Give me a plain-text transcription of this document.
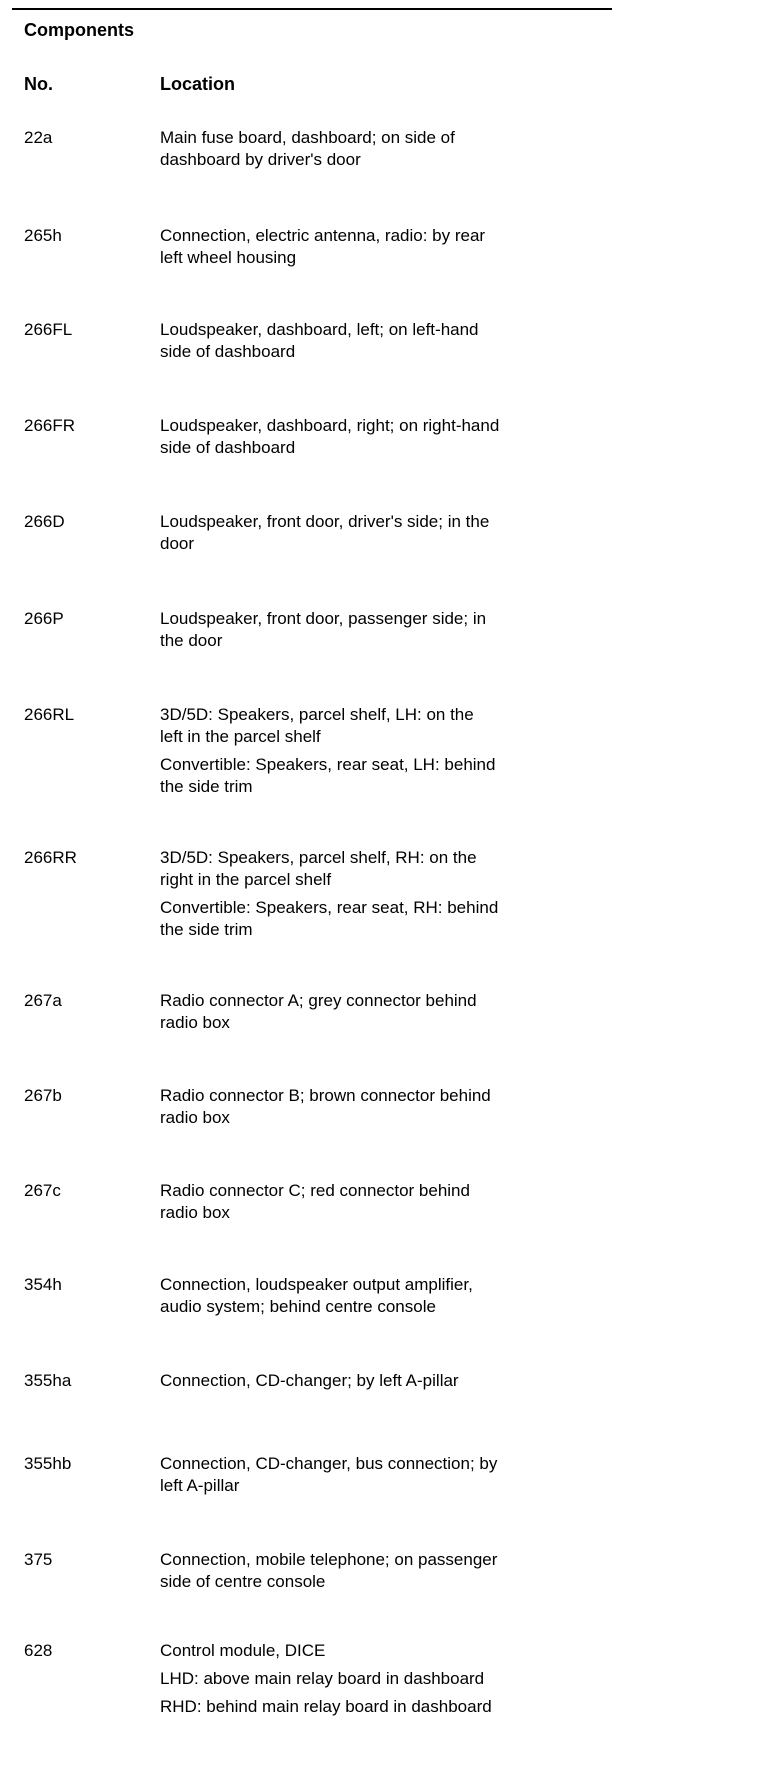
Components
No.	Location
22a	Main fuse board, dashboard; on side of
dashboard by driver's door
265h	Connection, electric antenna, radio: by rear
left wheel housing
266FL	Loudspeaker, dashboard, left; on left-hand
side of dashboard
266FR	Loudspeaker, dashboard, right; on right-hand
side of dashboard
266D	Loudspeaker, front door, driver's side; in the
door
266P	Loudspeaker, front door, passenger side; in
the door
266RL	3D/5D: Speakers, parcel shelf, LH: on the
left in the parcel shelf
Convertible: Speakers, rear seat, LH: behind
the side trim
266RR	3D/5D: Speakers, parcel shelf, RH: on the
right in the parcel shelf
Convertible: Speakers, rear seat, RH: behind
the side trim
267a	Radio connector A; grey connector behind
radio box
267b	Radio connector B; brown connector behind
radio box
267c	Radio connector C; red connector behind
radio box
354h	Connection, loudspeaker output amplifier,
audio system; behind centre console
355ha	Connection, CD-changer; by left A-pillar
355hb	Connection, CD-changer, bus connection; by
left A-pillar
375	Connection, mobile telephone; on passenger
side of centre console
628	Control module, DICE
LHD: above main relay board in dashboard
RHD: behind main relay board in dashboard
